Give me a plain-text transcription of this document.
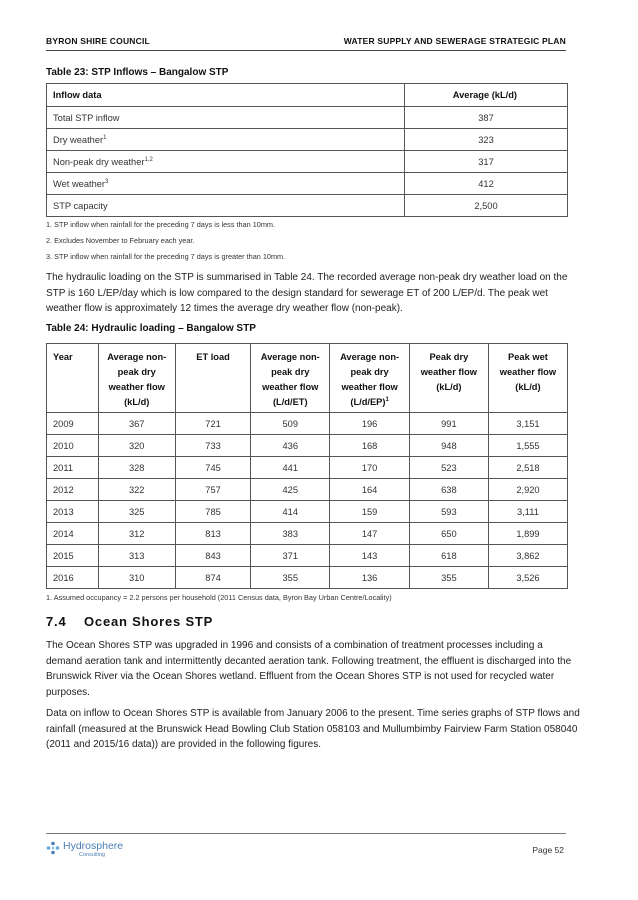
BYRON SHIRE COUNCIL	WATER SUPPLY AND SEWERAGE STRATEGIC PLAN
Table 23: STP Inflows – Bangalow STP
Inflow data	Average (kL/d)
Total STP inflow	387
Dry weather$^1$	323
Non-peak dry weather$^{1,2}$	317
Wet weather$^3$	412
STP capacity	2,500
1. STP inflow when rainfall for the preceding 7 days is less than 10mm.
2. Excludes November to February each year.
3. STP inflow when rainfall for the preceding 7 days is greater than 10mm.

The hydraulic loading on the STP is summarised in Table 24. The recorded average non-peak dry weather load on the STP is 160 L/EP/day which is low compared to the design standard for sewerage ET of 200 L/EP/d. The peak wet weather flow is approximately 12 times the average dry weather flow (non-peak).

Table 24: Hydraulic loading – Bangalow STP
Year	Average non-
peak dry
weather flow
(kL/d)	ET load	Average non-
peak dry
weather flow
(L/d/ET)	Average non-
peak dry
weather flow
$(L/d/EP)^1$	Peak dry
weather flow
(kL/d)	Peak wet
weather flow
(kL/d)
2009	367	721	509	196	991	3,151
2010	320	733	436	168	948	1,555
2011	328	745	441	170	523	2,518
2012	322	757	425	164	638	2,920
2013	325	785	414	159	593	3,111
2014	312	813	383	147	650	1,899
2015	313	843	371	143	618	3,862
2016	310	874	355	136	355	3,526
1. Assumed occupancy = 2.2 persons per household (2011 Census data, Byron Bay Urban Centre/Locality)
7.4 Ocean Shores STP

The Ocean Shores STP was upgraded in 1996 and consists of a combination of treatment processes including a demand aeration tank and intermittently decanted aeration tank. Following treatment, the effluent is discharged into the Brunswick River via the Ocean Shores wetland. Effluent from the Ocean Shores STP is not used for recycled water purposes.

Data on inflow to Ocean Shores STP is available from January 2006 to the present. Time series graphs of STP flows and rainfall (measured at the Brunswick Head Bowling Club Station 058103 and Mullumbimby Fairview Farm Station 058040 (2011 and 2015/16 data)) are provided in the following figures.

Hydrosphere
Consulting	Page 52
